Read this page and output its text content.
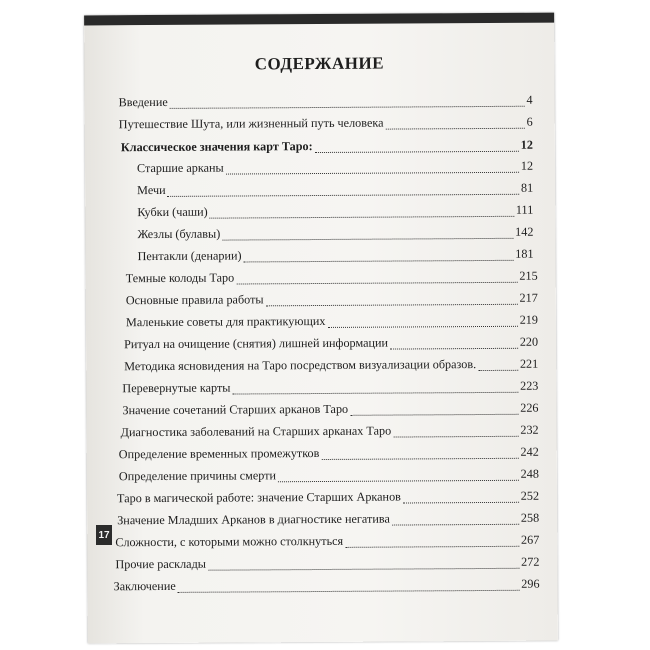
СОДЕРЖАНИЕ
Введение	4
Путешествие Шута, или жизненный путь человека	6
Классическое значения карт Таро:	12
Старшие арканы	12
Мечи	81
Кубки (чаши)	111
Жезлы (булавы)	142
Пентакли (денарии)	181
Темные колоды Таро	215
Основные правила работы	217
Маленькие советы для практикующих	219
Ритуал на очищение (снятия) лишней информации	220
Методика ясновидения на Таро посредством визуализации образов.	221
Перевернутые карты	223
Значение сочетаний Старших арканов Таро	226
Диагностика заболеваний на Старших арканах Таро	232
Определение временных промежутков	242
Определение причины смерти	248
Таро в магической работе: значение Старших Арканов	252
Значение Младших Арканов в диагностике негатива	258
Сложности, с которыми можно столкнуться	267
Прочие расклады	272
Заключение	296
17
